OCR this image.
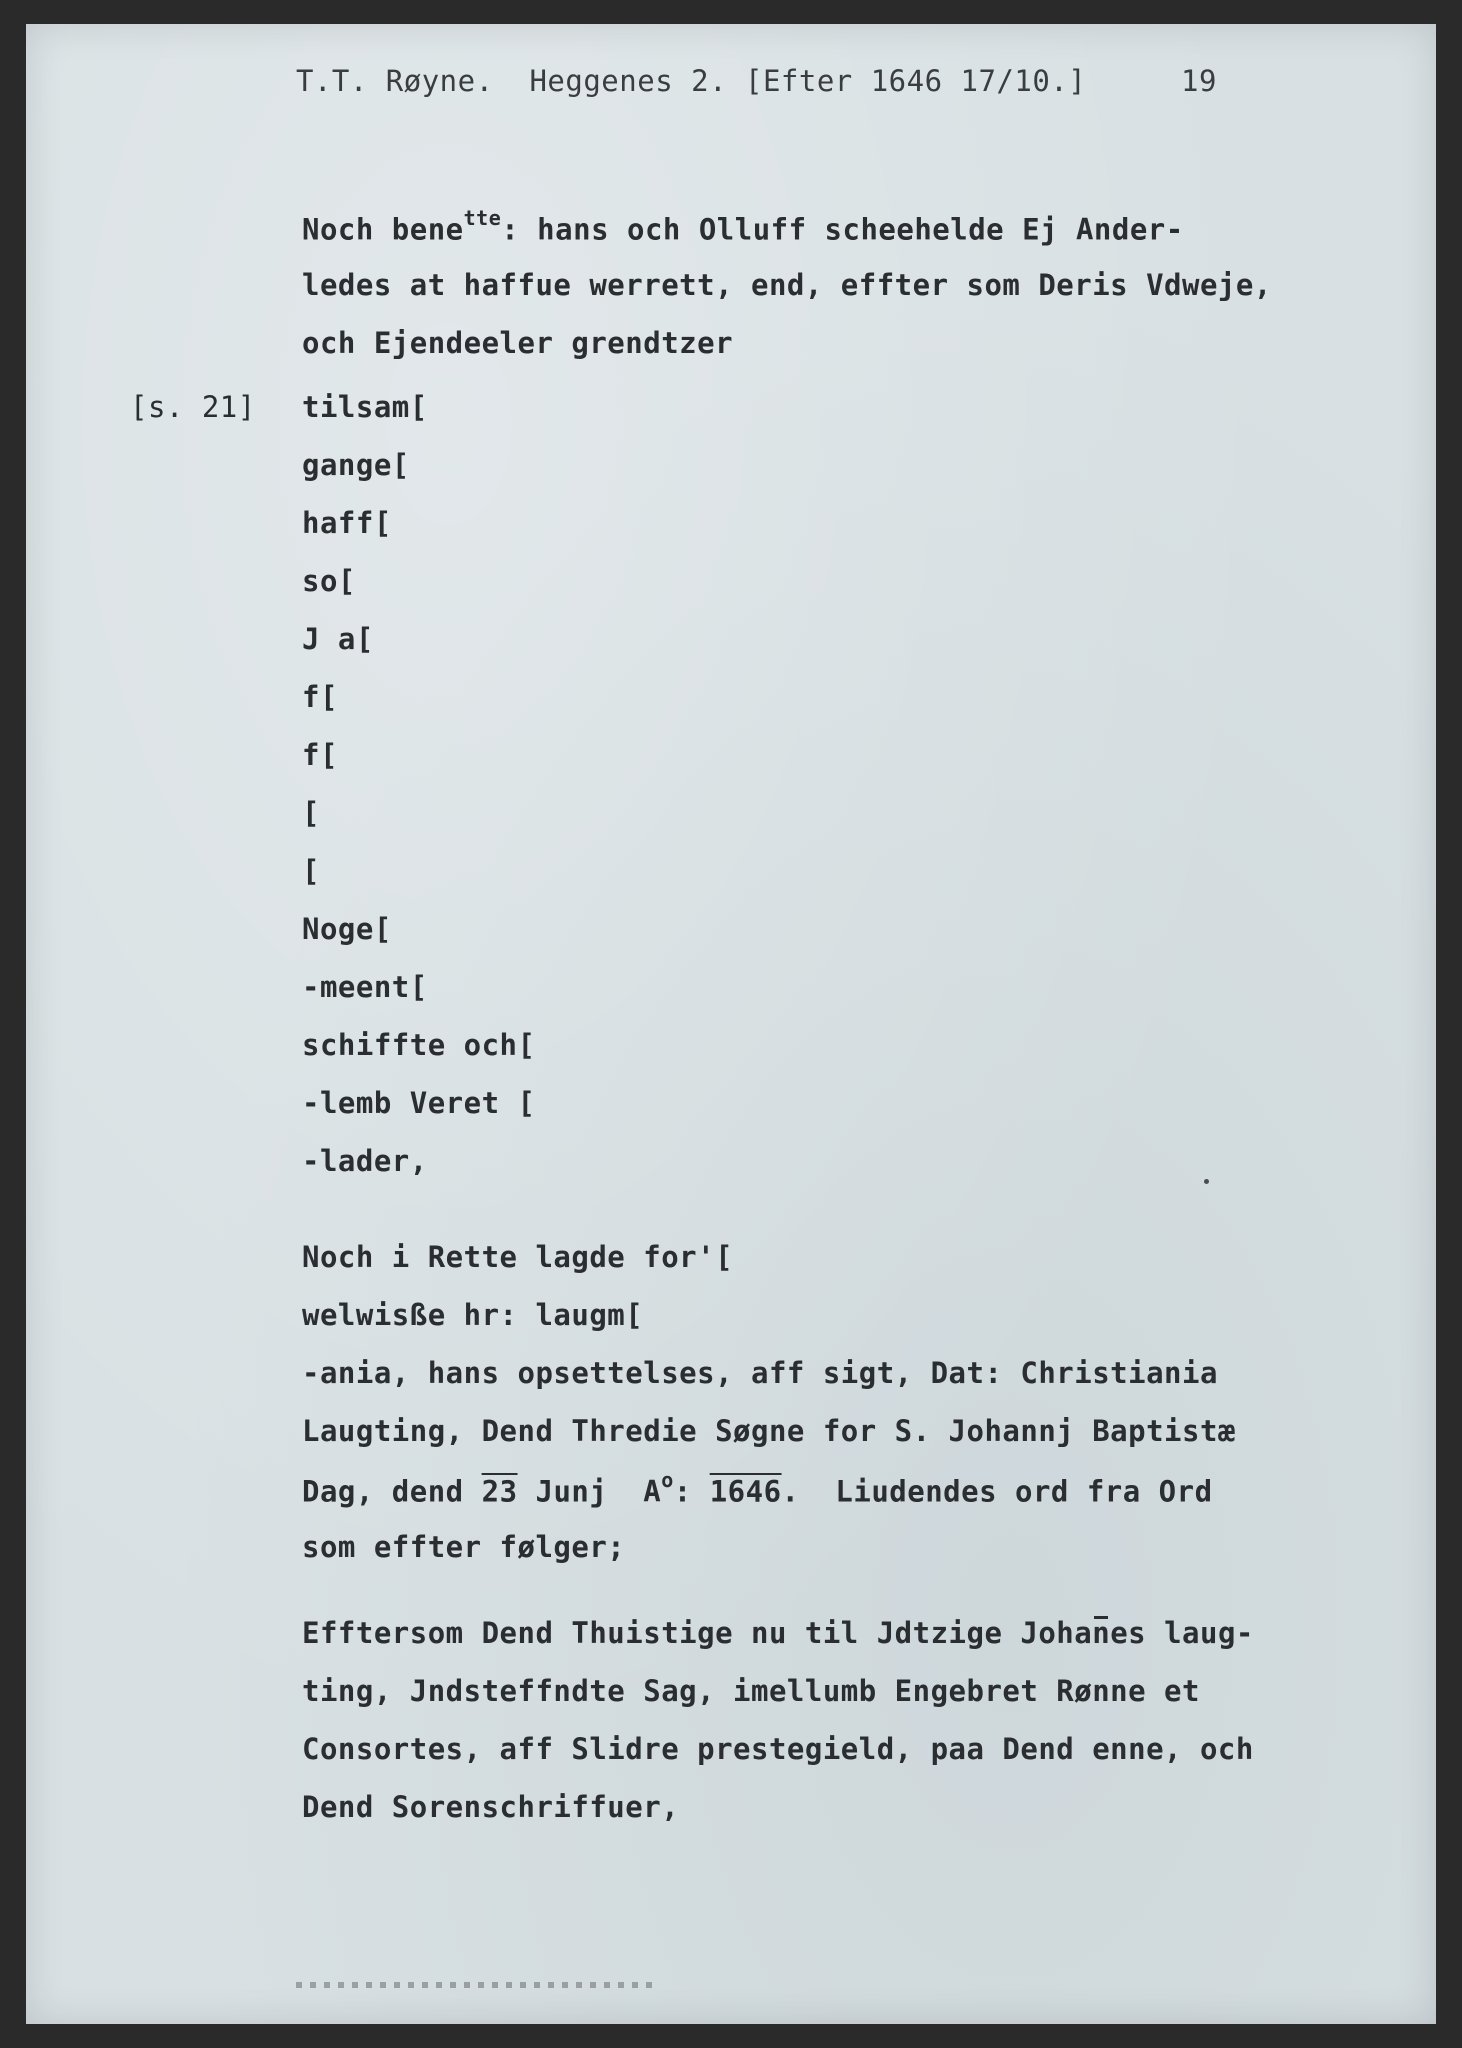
T.T. Røyne.  Heggenes 2. [Efter 1646 17/10.]	19
[s. 21]
Noch bene$^{tte}$: hans och Olluff scheehelde Ej Ander-
ledes at haffue werrett, end, effter som Deris Vdweje,
och Ejendeeler grendtzer
tilsam[
gange[
haff[
so[
J a[
f[
f[
[
[
Noge[
-meent[
schiffte och[
-lemb Veret [
-lader,
Noch i Rette lagde for'[
welwisße hr: laugm[
-ania, hans opsettelses, aff sigt, Dat: Christiania
Laugting, Dend Thredie Søgne for S. Johannj Baptistæ
Dag, dend 23 Junj  $A^o$: 1646.  Liudendes ord fra Ord
som effter følger;
Efftersom Dend Thuistige nu til Jdtzige Johanes laug-
ting, Jndsteffndte Sag, imellumb Engebret Rønne et
Consortes, aff Slidre prestegield, paa Dend enne, och
Dend Sorenschriffuer,
